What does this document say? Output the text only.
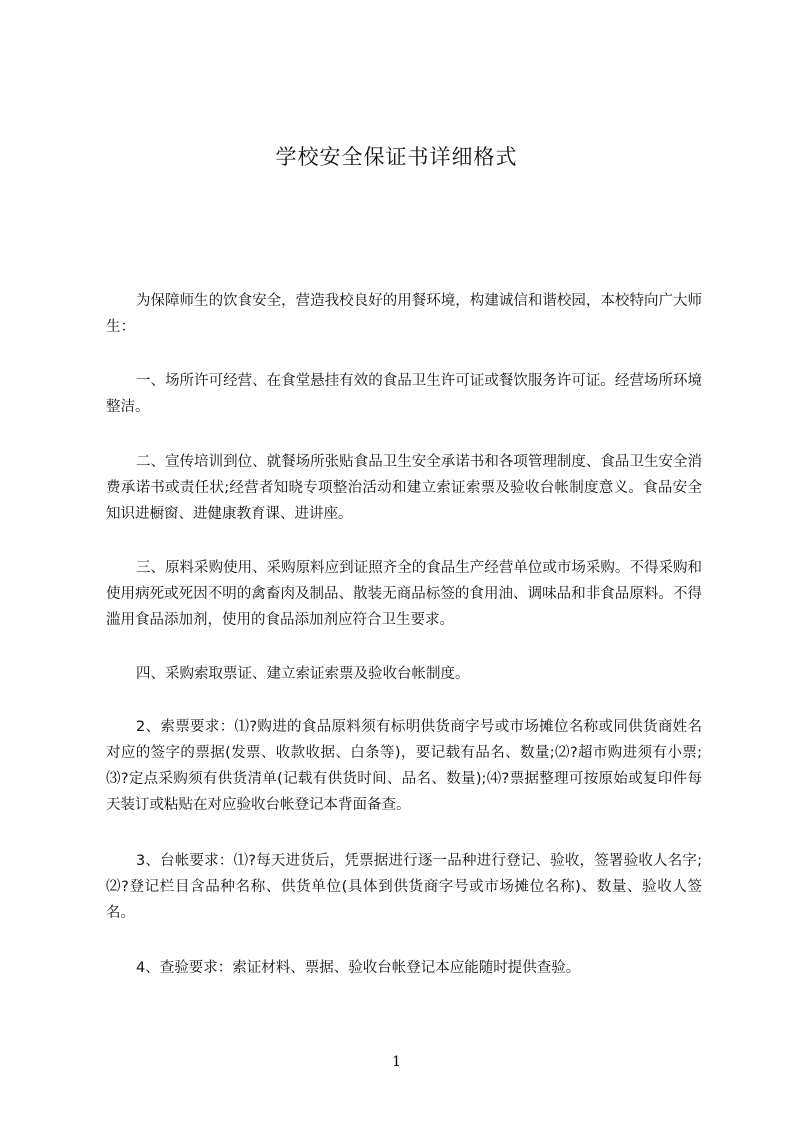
学校安全保证书详细格式

为保障师生的饮食安全，营造我校良好的用餐环境，构建诚信和谐校园，本校特向广大师生：

一、场所许可经营、在食堂悬挂有效的食品卫生许可证或餐饮服务许可证。经营场所环境整洁。

二、宣传培训到位、就餐场所张贴食品卫生安全承诺书和各项管理制度、食品卫生安全消费承诺书或责任状;经营者知晓专项整治活动和建立索证索票及验收台帐制度意义。食品安全知识进橱窗、进健康教育课、进讲座。

三、原料采购使用、采购原料应到证照齐全的食品生产经营单位或市场采购。不得采购和使用病死或死因不明的禽畜肉及制品、散装无商品标签的食用油、调味品和非食品原料。不得滥用食品添加剂，使用的食品添加剂应符合卫生要求。

四、采购索取票证、建立索证索票及验收台帐制度。

2、索票要求：⑴?购进的食品原料须有标明供货商字号或市场摊位名称或同供货商姓名对应的签字的票据(发票、收款收据、白条等)，要记载有品名、数量;⑵?超市购进须有小票;⑶?定点采购须有供货清单(记载有供货时间、品名、数量);⑷?票据整理可按原始或复印件每天装订或粘贴在对应验收台帐登记本背面备查。

3、台帐要求：⑴?每天进货后，凭票据进行逐一品种进行登记、验收，签署验收人名字;⑵?登记栏目含品种名称、供货单位(具体到供货商字号或市场摊位名称)、数量、验收人签名。

4、查验要求：索证材料、票据、验收台帐登记本应能随时提供查验。

1
